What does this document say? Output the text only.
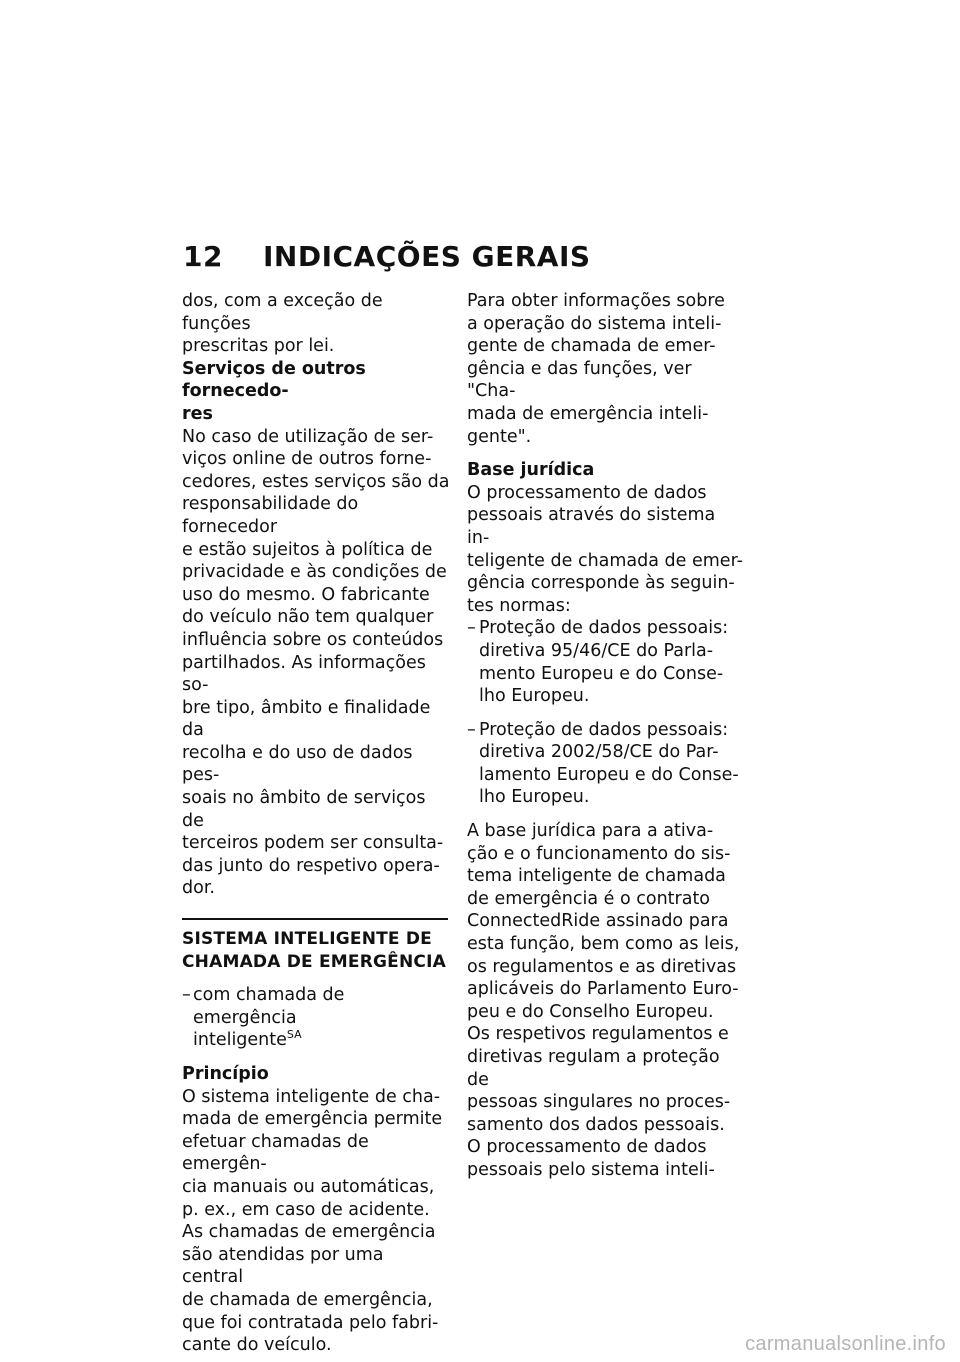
12 INDICAÇÕES GERAIS

dos, com a exceção de funções
prescritas por lei.

Serviços de outros fornecedo-
res

No caso de utilização de ser-
viços online de outros forne-
cedores, estes serviços são da
responsabilidade do fornecedor
e estão sujeitos à política de
privacidade e às condições de
uso do mesmo. O fabricante
do veículo não tem qualquer
influência sobre os conteúdos
partilhados. As informações so-
bre tipo, âmbito e finalidade da
recolha e do uso de dados pes-
soais no âmbito de serviços de
terceiros podem ser consulta-
das junto do respetivo opera-
dor.

SISTEMA INTELIGENTE DE
CHAMADA DE EMERGÊNCIA

– com chamada de emergência
inteligente$^{SA}$

Princípio

O sistema inteligente de cha-
mada de emergência permite
efetuar chamadas de emergên-
cia manuais ou automáticas,
p. ex., em caso de acidente.

As chamadas de emergência
são atendidas por uma central
de chamada de emergência,
que foi contratada pelo fabri-
cante do veículo.

Para obter informações sobre
a operação do sistema inteli-
gente de chamada de emer-
gência e das funções, ver "Cha-
mada de emergência inteli-
gente".

Base jurídica

O processamento de dados
pessoais através do sistema in-
teligente de chamada de emer-
gência corresponde às seguin-
tes normas:

– Proteção de dados pessoais:
diretiva 95/46/CE do Parla-
mento Europeu e do Conse-
lho Europeu.

– Proteção de dados pessoais:
diretiva 2002/58/CE do Par-
lamento Europeu e do Conse-
lho Europeu.

A base jurídica para a ativa-
ção e o funcionamento do sis-
tema inteligente de chamada
de emergência é o contrato
ConnectedRide assinado para
esta função, bem como as leis,
os regulamentos e as diretivas
aplicáveis do Parlamento Euro-
peu e do Conselho Europeu.

Os respetivos regulamentos e
diretivas regulam a proteção de
pessoas singulares no proces-
samento dos dados pessoais.

O processamento de dados
pessoais pelo sistema inteli-

carmanualsonline.info
